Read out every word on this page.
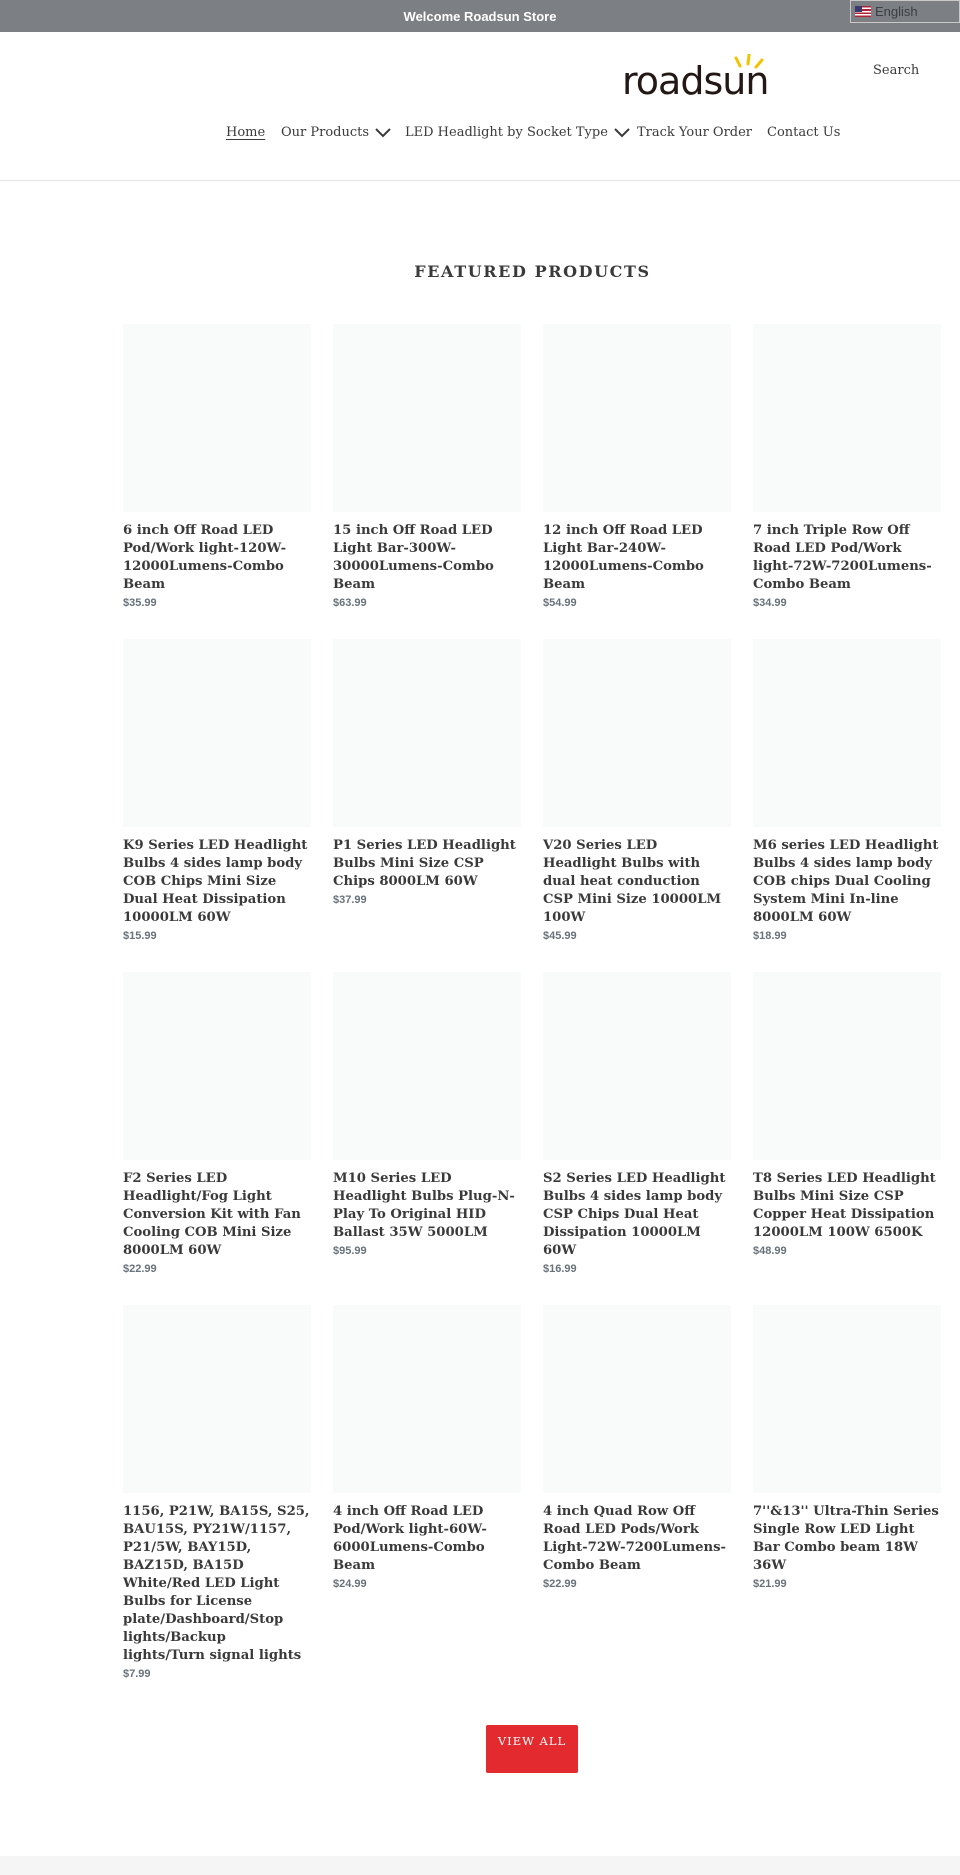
Welcome Roadsun Store	English
roadsun	Search
Home Our Products	LED Headlight by Socket Type Track Your Order Contact Us
FEATURED PRODUCTS
6 inch Off Road LED Pod/Work light-120W-12000Lumens-Combo Beam
$35.99
15 inch Off Road LED Light Bar-300W-30000Lumens-Combo Beam
$63.99
12 inch Off Road LED Light Bar-240W-12000Lumens-Combo Beam
$54.99
7 inch Triple Row Off Road LED Pod/Work light-72W-7200Lumens-Combo Beam
$34.99
K9 Series LED Headlight Bulbs 4 sides lamp body COB Chips Mini Size Dual Heat Dissipation 10000LM 60W
$15.99
P1 Series LED Headlight Bulbs Mini Size CSP Chips 8000LM 60W
$37.99
V20 Series LED Headlight Bulbs with dual heat conduction CSP Mini Size 10000LM 100W
$45.99
M6 series LED Headlight Bulbs 4 sides lamp body COB chips Dual Cooling System Mini In-line 8000LM 60W
$18.99
F2 Series LED Headlight/Fog Light Conversion Kit with Fan Cooling COB Mini Size 8000LM 60W
$22.99
M10 Series LED Headlight Bulbs Plug-N-Play To Original HID Ballast 35W 5000LM
$95.99
S2 Series LED Headlight Bulbs 4 sides lamp body CSP Chips Dual Heat Dissipation 10000LM 60W
$16.99
T8 Series LED Headlight Bulbs Mini Size CSP Copper Heat Dissipation 12000LM 100W 6500K
$48.99
1156, P21W, BA15S, S25, BAU15S, PY21W/1157, P21/5W, BAY15D, BAZ15D, BA15D White/Red LED Light Bulbs for License plate/Dashboard/Stop lights/Backup lights/Turn signal lights
$7.99
4 inch Off Road LED Pod/Work light-60W-6000Lumens-Combo Beam
$24.99
4 inch Quad Row Off Road LED Pods/Work Light-72W-7200Lumens-Combo Beam
$22.99
7''&13'' Ultra-Thin Series Single Row LED Light Bar Combo beam 18W 36W
$21.99
VIEW ALL
